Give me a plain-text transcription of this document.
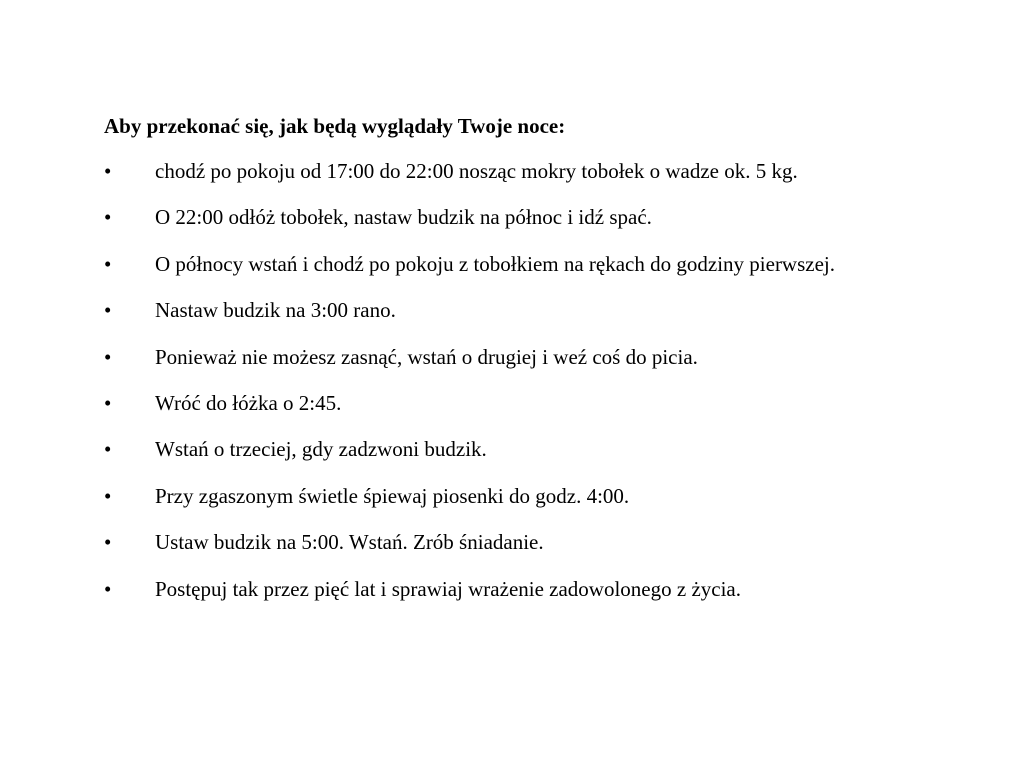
Aby przekonać się, jak będą wyglądały Twoje noce:
•	chodź po pokoju od 17:00 do 22:00 nosząc mokry tobołek o wadze ok. 5 kg.
•	O 22:00 odłóż tobołek, nastaw budzik na północ i idź spać.
•	O północy wstań i chodź po pokoju z tobołkiem na rękach do godziny pierwszej.
•	Nastaw budzik na 3:00 rano.
•	Ponieważ nie możesz zasnąć, wstań o drugiej i weź coś do picia.
•	Wróć do łóżka o 2:45.
•	Wstań o trzeciej, gdy zadzwoni budzik.
•	Przy zgaszonym świetle śpiewaj piosenki do godz. 4:00.
•	Ustaw budzik na 5:00. Wstań. Zrób śniadanie.
•	Postępuj tak przez pięć lat i sprawiaj wrażenie zadowolonego z życia.
